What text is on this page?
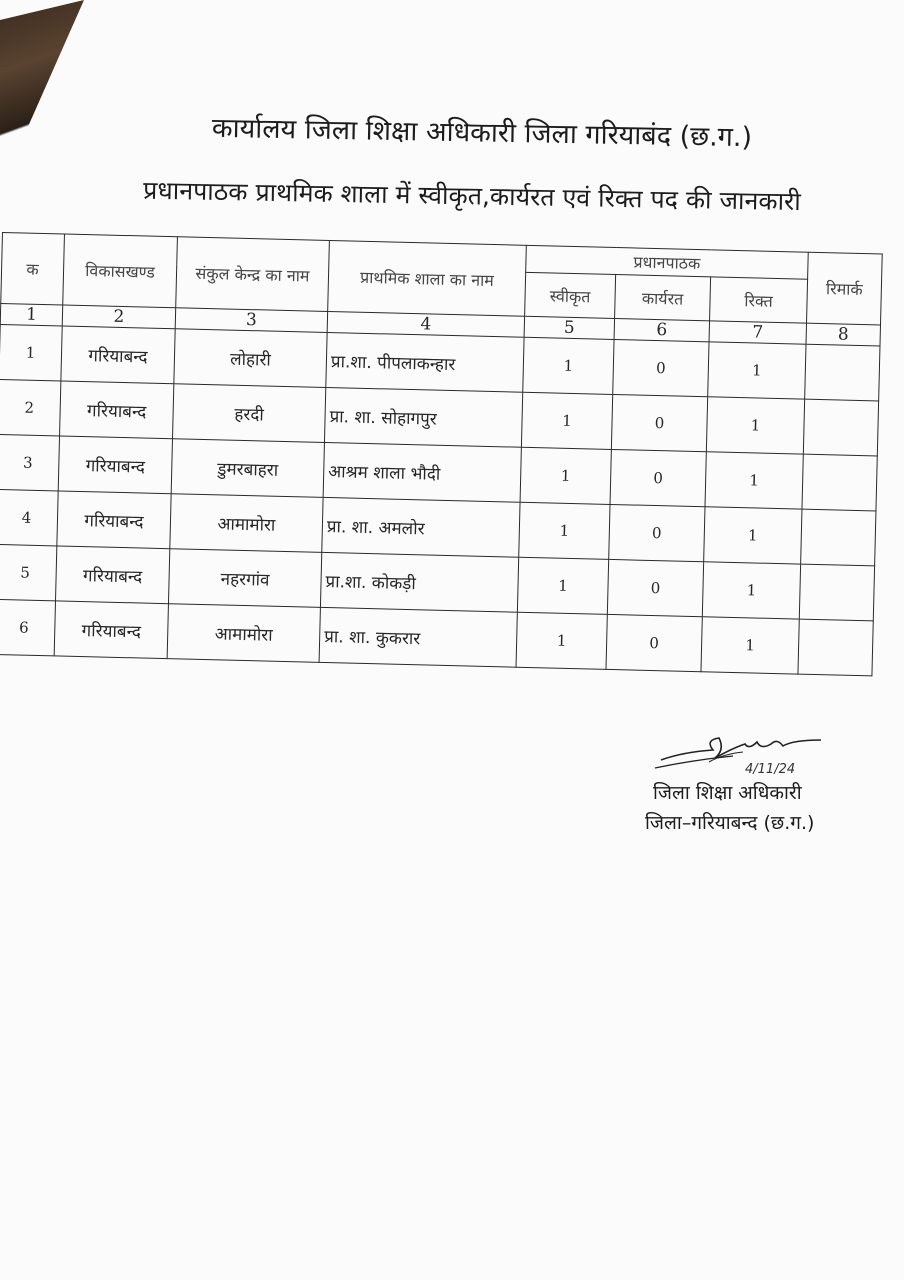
कार्यालय जिला शिक्षा अधिकारी जिला गरियाबंद (छ.ग.)
प्रधानपाठक प्राथमिक शाला में स्वीकृत,कार्यरत एवं रिक्त पद की जानकारी
क	विकासखण्ड	संकुल केन्द्र का नाम	प्राथमिक शाला का नाम	प्रधानपाठक			रिमार्क
				स्वीकृत	कार्यरत	रिक्त	
1	2	3	4	5	6	7	8
1	गरियाबन्द	लोहारी	प्रा.शा. पीपलाकन्हार	1	0	1	
2	गरियाबन्द	हरदी	प्रा. शा. सोहागपुर	1	0	1	
3	गरियाबन्द	डुमरबाहरा	आश्रम शाला भौदी	1	0	1	
4	गरियाबन्द	आमामोरा	प्रा. शा. अमलोर	1	0	1	
5	गरियाबन्द	नहरगांव	प्रा.शा. कोकड़ी	1	0	1	
6	गरियाबन्द	आमामोरा	प्रा. शा. कुकरार	1	0	1	
4/11/24
जिला शिक्षा अधिकारी
जिला–गरियाबन्द (छ.ग.)
